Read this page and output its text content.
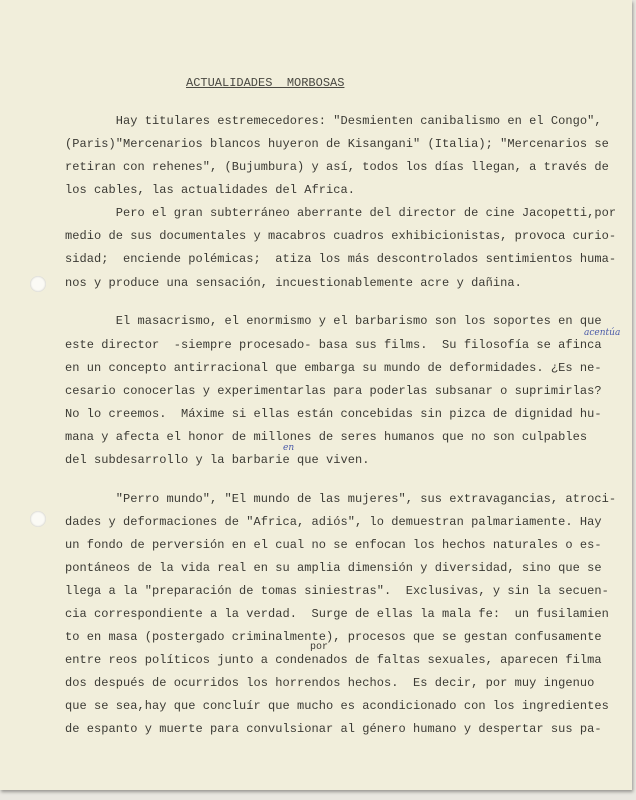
ACTUALIDADES  MORBOSAS
Hay titulares estremecedores: "Desmienten canibalismo en el Congo",
(Paris)"Mercenarios blancos huyeron de Kisangani" (Italia); "Mercenarios se
retiran con rehenes", (Bujumbura) y así, todos los días llegan, a través de
los cables, las actualidades del Africa.
Pero el gran subterráneo aberrante del director de cine Jacopetti,por
medio de sus documentales y macabros cuadros exhibicionistas, provoca curio-
sidad;  enciende polémicas;  atiza los más descontrolados sentimientos huma-
nos y produce una sensación, incuestionablemente acre y dañina.
El masacrismo, el enormismo y el barbarismo son los soportes en que
este director  -siempre procesado- basa sus films.  Su filosofía se afinca
en un concepto antirracional que embarga su mundo de deformidades. ¿Es ne-
cesario conocerlas y experimentarlas para poderlas subsanar o suprimirlas?
No lo creemos.  Máxime si ellas están concebidas sin pizca de dignidad hu-
mana y afecta el honor de millones de seres humanos que no son culpables
del subdesarrollo y la barbarie que viven.
"Perro mundo", "El mundo de las mujeres", sus extravagancias, atroci-
dades y deformaciones de "Africa, adiós", lo demuestran palmariamente. Hay
un fondo de perversión en el cual no se enfocan los hechos naturales o es-
pontáneos de la vida real en su amplia dimensión y diversidad, sino que se
llega a la "preparación de tomas siniestras".  Exclusivas, y sin la secuen-
cia correspondiente a la verdad.  Surge de ellas la mala fe:  un fusilamien
to en masa (postergado criminalmente), procesos que se gestan confusamente
entre reos políticos junto a condenados de faltas sexuales, aparecen filma
dos después de ocurridos los horrendos hechos.  Es decir, por muy ingenuo
que se sea,hay que concluír que mucho es acondicionado con los ingredientes
de espanto y muerte para convulsionar al género humano y despertar sus pa-
acentúa
en
por
